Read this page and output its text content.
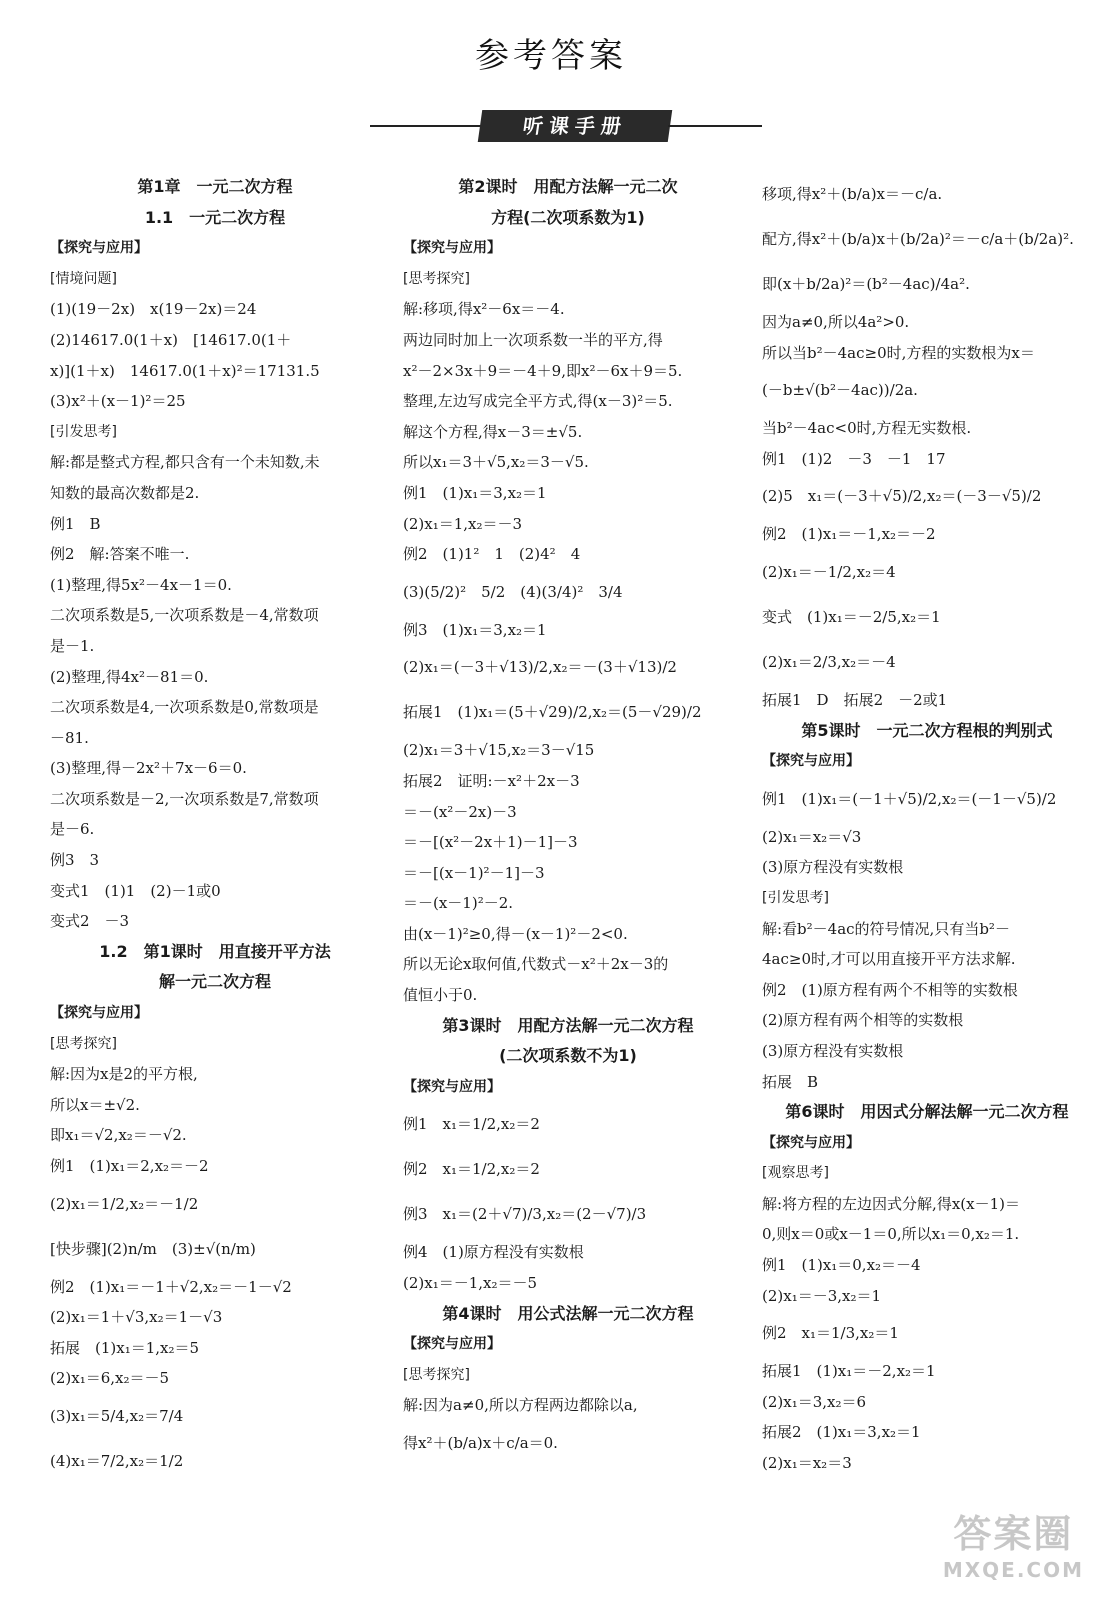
参考答案
听课手册
第1章　一元二次方程
1.1　一元二次方程
【探究与应用】
[情境问题]
(1)(19－2x)　x(19－2x)＝24
(2)14617.0(1＋x)　[14617.0(1＋
x)](1＋x)　14617.0(1＋x)²＝17131.5
(3)x²＋(x－1)²＝25
[引发思考]
解:都是整式方程,都只含有一个未知数,未
知数的最高次数都是2.
例1　B
例2　解:答案不唯一.
(1)整理,得5x²－4x－1＝0.
二次项系数是5,一次项系数是－4,常数项
是－1.
(2)整理,得4x²－81＝0.
二次项系数是4,一次项系数是0,常数项是
－81.
(3)整理,得－2x²＋7x－6＝0.
二次项系数是－2,一次项系数是7,常数项
是－6.
例3　3
变式1　(1)1　(2)－1或0
变式2　－3
1.2　第1课时　用直接开平方法
解一元二次方程
【探究与应用】
[思考探究]
解:因为x是2的平方根,
所以x＝±√2.
即x₁＝√2,x₂＝－√2.
例1　(1)x₁＝2,x₂＝－2
(2)x₁＝1/2,x₂＝－1/2
[快步骤](2)n/m　(3)±√(n/m)
例2　(1)x₁＝－1＋√2,x₂＝－1－√2
(2)x₁＝1＋√3,x₂＝1－√3
拓展　(1)x₁＝1,x₂＝5
(2)x₁＝6,x₂＝－5
(3)x₁＝5/4,x₂＝7/4
(4)x₁＝7/2,x₂＝1/2
第2课时　用配方法解一元二次
方程(二次项系数为1)
【探究与应用】
[思考探究]
解:移项,得x²－6x＝－4.
两边同时加上一次项系数一半的平方,得
x²－2×3x＋9＝－4＋9,即x²－6x＋9＝5.
整理,左边写成完全平方式,得(x－3)²＝5.
解这个方程,得x－3＝±√5.
所以x₁＝3＋√5,x₂＝3－√5.
例1　(1)x₁＝3,x₂＝1
(2)x₁＝1,x₂＝－3
例2　(1)1²　1　(2)4²　4
(3)(5/2)²　5/2　(4)(3/4)²　3/4
例3　(1)x₁＝3,x₂＝1
(2)x₁＝(－3＋√13)/2,x₂＝－(3＋√13)/2
拓展1　(1)x₁＝(5＋√29)/2,x₂＝(5－√29)/2
(2)x₁＝3＋√15,x₂＝3－√15
拓展2　证明:－x²＋2x－3
＝－(x²－2x)－3
＝－[(x²－2x＋1)－1]－3
＝－[(x－1)²－1]－3
＝－(x－1)²－2.
由(x－1)²≥0,得－(x－1)²－2<0.
所以无论x取何值,代数式－x²＋2x－3的
值恒小于0.
第3课时　用配方法解一元二次方程
(二次项系数不为1)
【探究与应用】
例1　x₁＝1/2,x₂＝2
例2　x₁＝1/2,x₂＝2
例3　x₁＝(2＋√7)/3,x₂＝(2－√7)/3
例4　(1)原方程没有实数根
(2)x₁＝－1,x₂＝－5
第4课时　用公式法解一元二次方程
【探究与应用】
[思考探究]
解:因为a≠0,所以方程两边都除以a,
得x²＋(b/a)x＋c/a＝0.
移项,得x²＋(b/a)x＝－c/a.
配方,得x²＋(b/a)x＋(b/2a)²＝－c/a＋(b/2a)².
即(x＋b/2a)²＝(b²－4ac)/4a².
因为a≠0,所以4a²>0.
所以当b²－4ac≥0时,方程的实数根为x＝
(－b±√(b²－4ac))/2a.
当b²－4ac<0时,方程无实数根.
例1　(1)2　－3　－1　17
(2)5　x₁＝(－3＋√5)/2,x₂＝(－3－√5)/2
例2　(1)x₁＝－1,x₂＝－2
(2)x₁＝－1/2,x₂＝4
变式　(1)x₁＝－2/5,x₂＝1
(2)x₁＝2/3,x₂＝－4
拓展1　D　拓展2　－2或1
第5课时　一元二次方程根的判别式
【探究与应用】
例1　(1)x₁＝(－1＋√5)/2,x₂＝(－1－√5)/2
(2)x₁＝x₂＝√3
(3)原方程没有实数根
[引发思考]
解:看b²－4ac的符号情况,只有当b²－
4ac≥0时,才可以用直接开平方法求解.
例2　(1)原方程有两个不相等的实数根
(2)原方程有两个相等的实数根
(3)原方程没有实数根
拓展　B
第6课时　用因式分解法解一元二次方程
【探究与应用】
[观察思考]
解:将方程的左边因式分解,得x(x－1)＝
0,则x＝0或x－1＝0,所以x₁＝0,x₂＝1.
例1　(1)x₁＝0,x₂＝－4
(2)x₁＝－3,x₂＝1
例2　x₁＝1/3,x₂＝1
拓展1　(1)x₁＝－2,x₂＝1
(2)x₁＝3,x₂＝6
拓展2　(1)x₁＝3,x₂＝1
(2)x₁＝x₂＝3
答案圈
MXQE.COM
